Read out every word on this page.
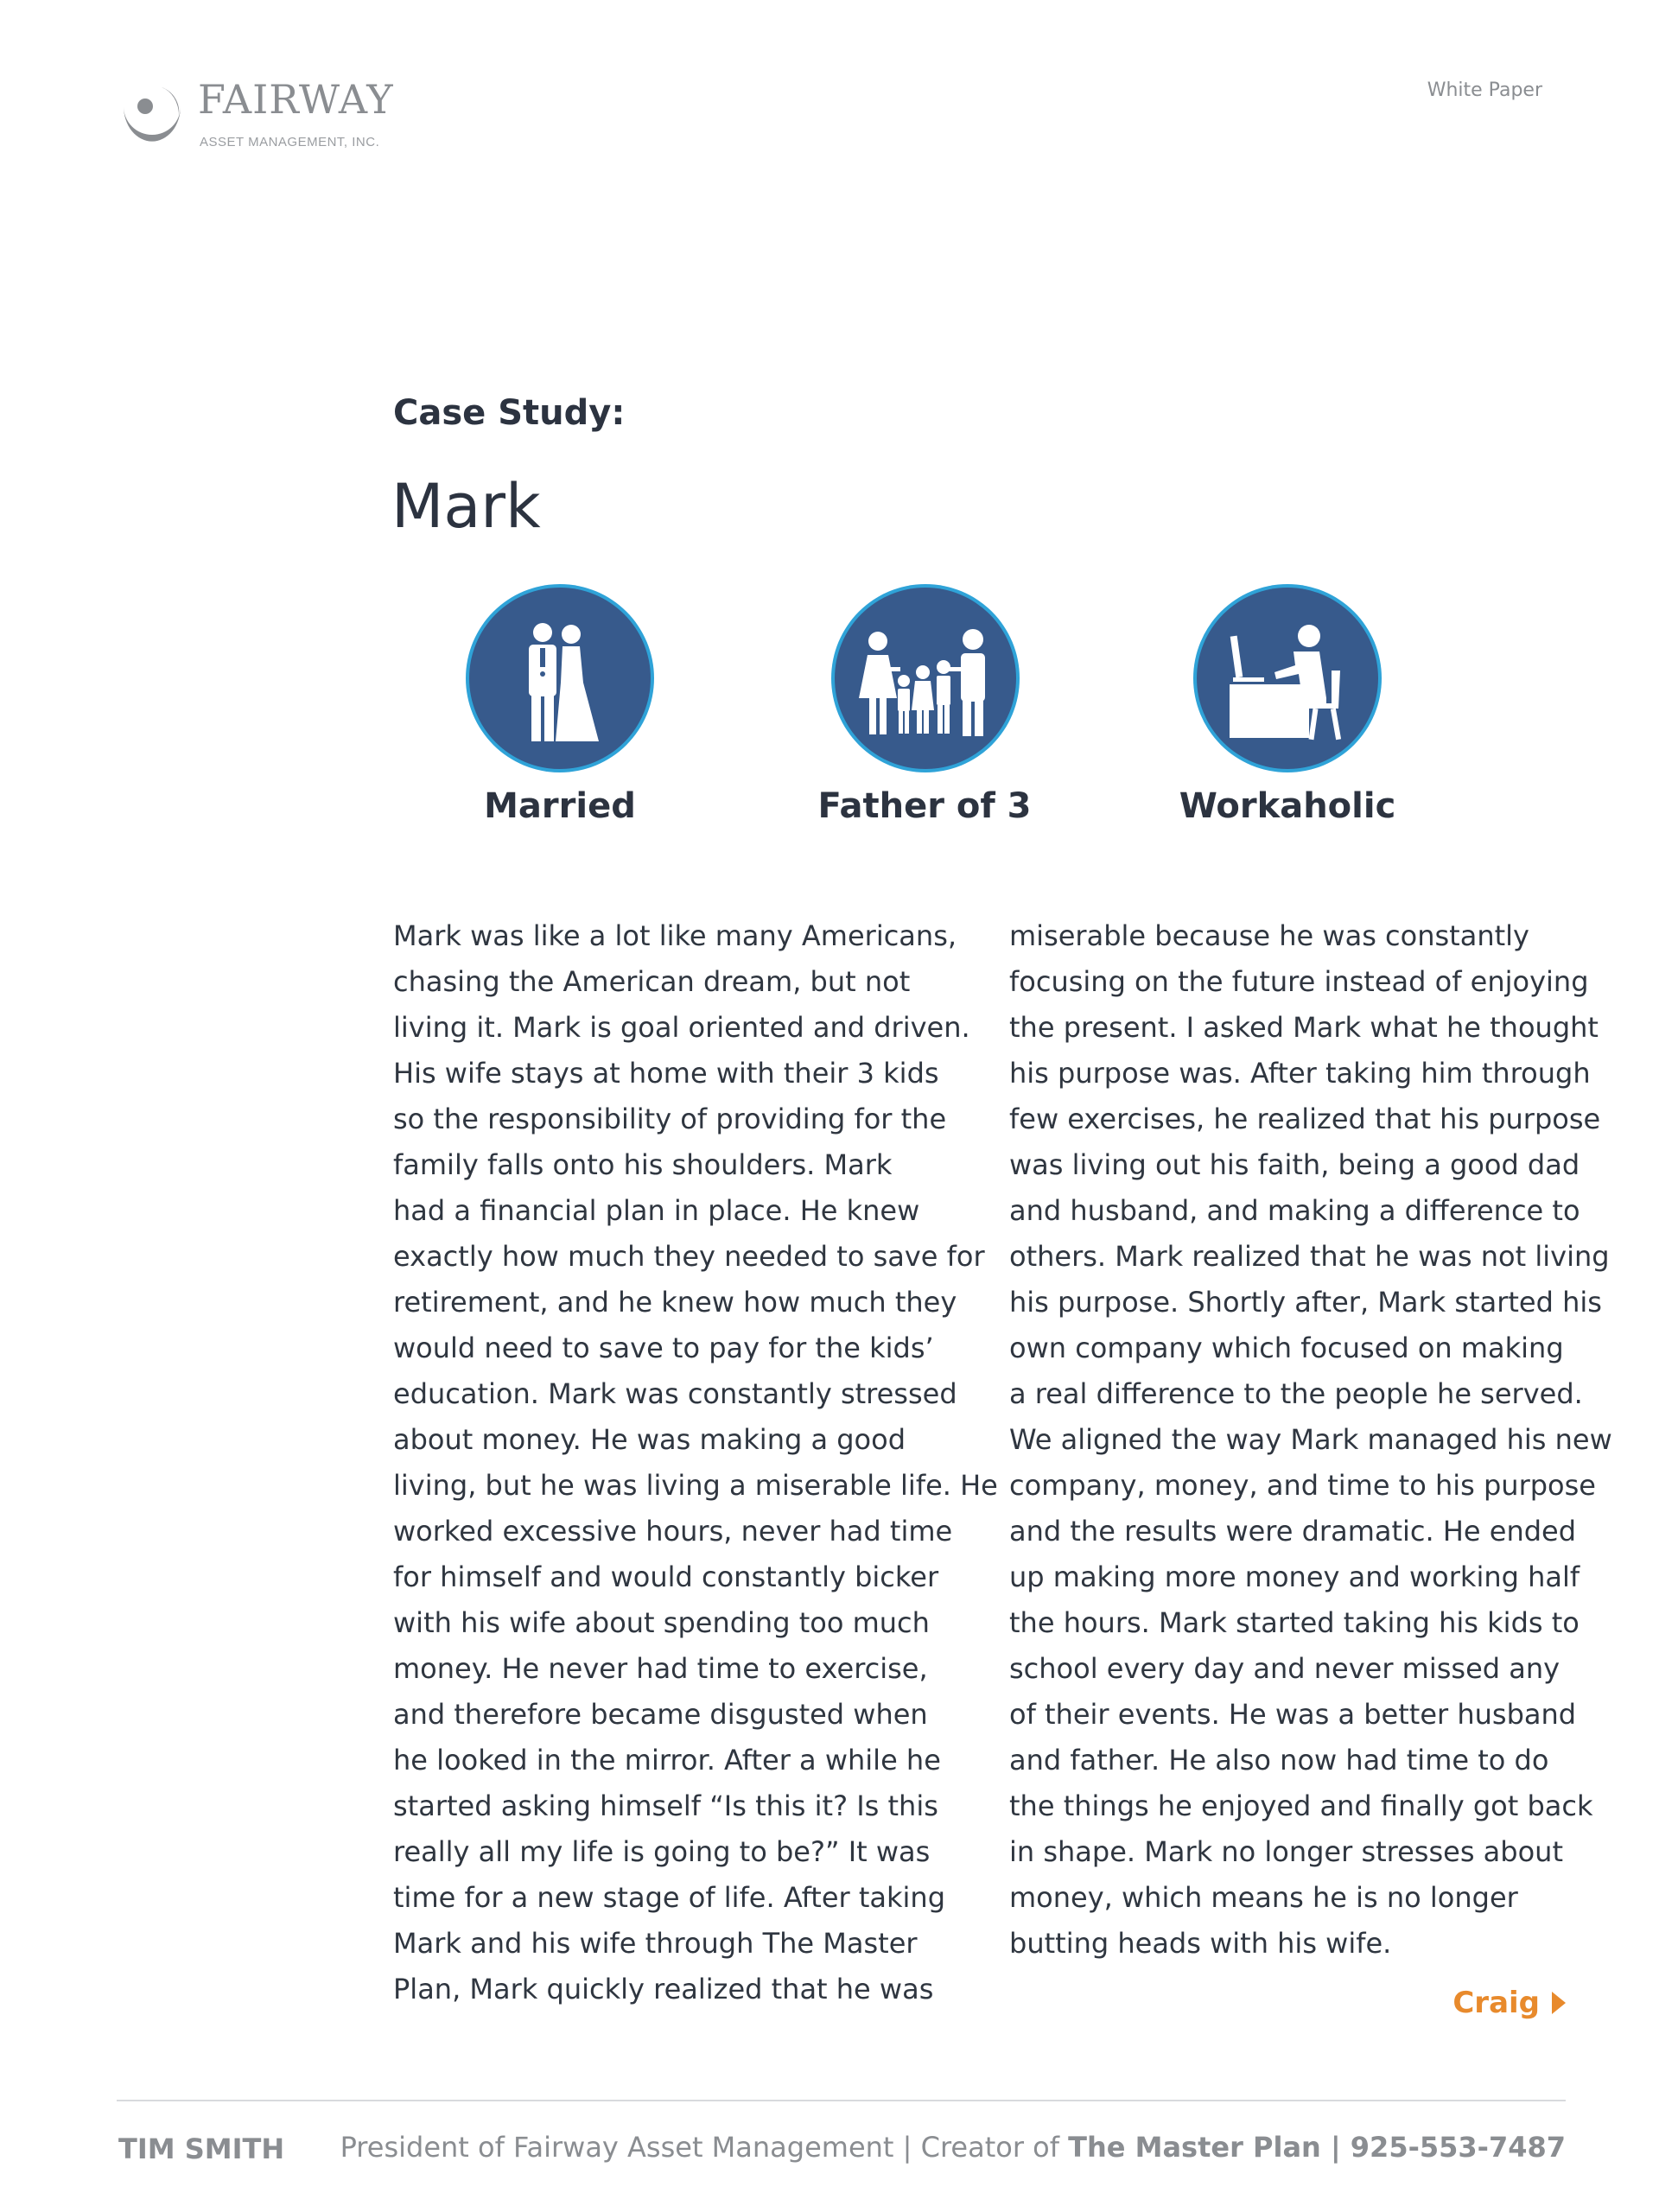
FAIRWAY
ASSET MANAGEMENT, INC.
White Paper
Case Study:
Mark
Married	Father of 3	Workaholic
Mark was like a lot like many Americans,
chasing the American dream, but not
living it. Mark is goal oriented and driven.
His wife stays at home with their 3 kids
so the responsibility of providing for the
family falls onto his shoulders. Mark
had a financial plan in place. He knew
exactly how much they needed to save for
retirement, and he knew how much they
would need to save to pay for the kids’
education. Mark was constantly stressed
about money. He was making a good
living, but he was living a miserable life. He
worked excessive hours, never had time
for himself and would constantly bicker
with his wife about spending too much
money. He never had time to exercise,
and therefore became disgusted when
he looked in the mirror. After a while he
started asking himself “Is this it? Is this
really all my life is going to be?” It was
time for a new stage of life. After taking
Mark and his wife through The Master
Plan, Mark quickly realized that he was
miserable because he was constantly
focusing on the future instead of enjoying
the present. I asked Mark what he thought
his purpose was. After taking him through
few exercises, he realized that his purpose
was living out his faith, being a good dad
and husband, and making a difference to
others. Mark realized that he was not living
his purpose. Shortly after, Mark started his
own company which focused on making
a real difference to the people he served.
We aligned the way Mark managed his new
company, money, and time to his purpose
and the results were dramatic. He ended
up making more money and working half
the hours. Mark started taking his kids to
school every day and never missed any
of their events. He was a better husband
and father. He also now had time to do
the things he enjoyed and finally got back
in shape. Mark no longer stresses about
money, which means he is no longer
butting heads with his wife.
Craig
TIM SMITH President of Fairway Asset Management | Creator of The Master Plan | 925-553-7487
